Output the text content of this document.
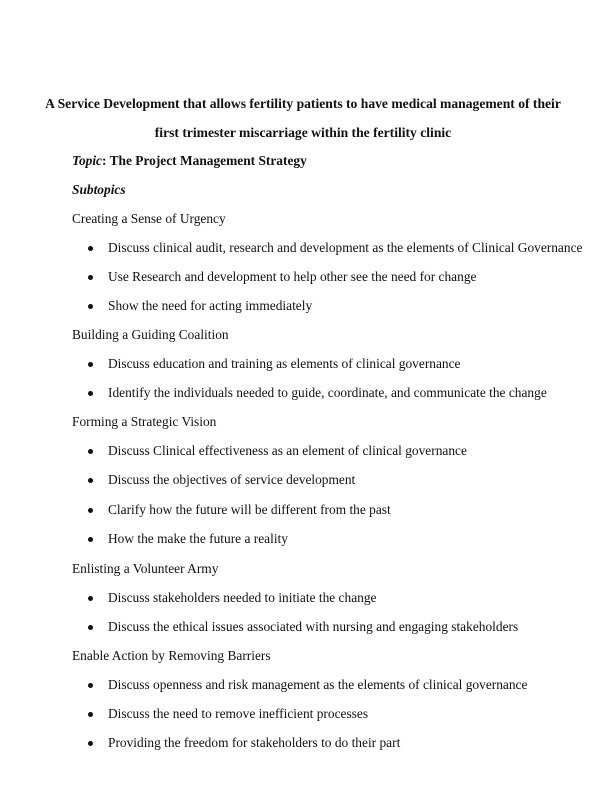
A Service Development that allows fertility patients to have medical management of their
first trimester miscarriage within the fertility clinic
Topic: The Project Management Strategy
Subtopics
Creating a Sense of Urgency
Discuss clinical audit, research and development as the elements of Clinical Governance
Use Research and development to help other see the need for change
Show the need for acting immediately
Building a Guiding Coalition
Discuss education and training as elements of clinical governance
Identify the individuals needed to guide, coordinate, and communicate the change
Forming a Strategic Vision
Discuss Clinical effectiveness as an element of clinical governance
Discuss the objectives of service development
Clarify how the future will be different from the past
How the make the future a reality
Enlisting a Volunteer Army
Discuss stakeholders needed to initiate the change
Discuss the ethical issues associated with nursing and engaging stakeholders
Enable Action by Removing Barriers
Discuss openness and risk management as the elements of clinical governance
Discuss the need to remove inefficient processes
Providing the freedom for stakeholders to do their part
